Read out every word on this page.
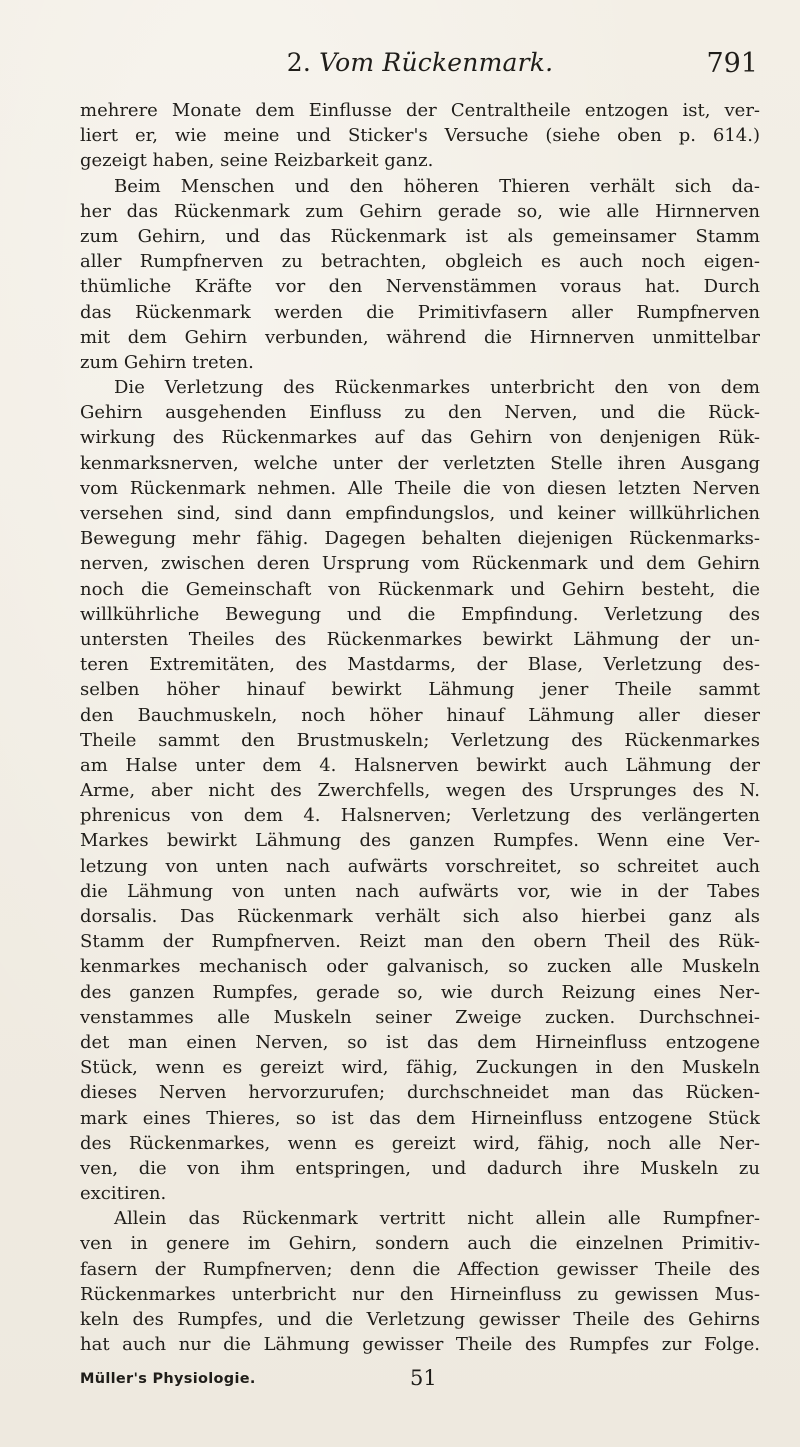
2. Vom Rückenmark.	791
mehrere Monate dem Einflusse der Centraltheile entzogen ist, ver-
liert er, wie meine und Sticker's Versuche (siehe oben p. 614.)
gezeigt haben, seine Reizbarkeit ganz.
Beim Menschen und den höheren Thieren verhält sich da-
her das Rückenmark zum Gehirn gerade so, wie alle Hirnnerven
zum Gehirn, und das Rückenmark ist als gemeinsamer Stamm
aller Rumpfnerven zu betrachten, obgleich es auch noch eigen-
thümliche Kräfte vor den Nervenstämmen voraus hat. Durch
das Rückenmark werden die Primitivfasern aller Rumpfnerven
mit dem Gehirn verbunden, während die Hirnnerven unmittelbar
zum Gehirn treten.
Die Verletzung des Rückenmarkes unterbricht den von dem
Gehirn ausgehenden Einfluss zu den Nerven, und die Rück-
wirkung des Rückenmarkes auf das Gehirn von denjenigen Rük-
kenmarksnerven, welche unter der verletzten Stelle ihren Ausgang
vom Rückenmark nehmen. Alle Theile die von diesen letzten Nerven
versehen sind, sind dann empfindungslos, und keiner willkührlichen
Bewegung mehr fähig. Dagegen behalten diejenigen Rückenmarks-
nerven, zwischen deren Ursprung vom Rückenmark und dem Gehirn
noch die Gemeinschaft von Rückenmark und Gehirn besteht, die
willkührliche Bewegung und die Empfindung. Verletzung des
untersten Theiles des Rückenmarkes bewirkt Lähmung der un-
teren Extremitäten, des Mastdarms, der Blase, Verletzung des-
selben höher hinauf bewirkt Lähmung jener Theile sammt
den Bauchmuskeln, noch höher hinauf Lähmung aller dieser
Theile sammt den Brustmuskeln; Verletzung des Rückenmarkes
am Halse unter dem 4. Halsnerven bewirkt auch Lähmung der
Arme, aber nicht des Zwerchfells, wegen des Ursprunges des N.
phrenicus von dem 4. Halsnerven; Verletzung des verlängerten
Markes bewirkt Lähmung des ganzen Rumpfes. Wenn eine Ver-
letzung von unten nach aufwärts vorschreitet, so schreitet auch
die Lähmung von unten nach aufwärts vor, wie in der Tabes
dorsalis. Das Rückenmark verhält sich also hierbei ganz als
Stamm der Rumpfnerven. Reizt man den obern Theil des Rük-
kenmarkes mechanisch oder galvanisch, so zucken alle Muskeln
des ganzen Rumpfes, gerade so, wie durch Reizung eines Ner-
venstammes alle Muskeln seiner Zweige zucken. Durchschnei-
det man einen Nerven, so ist das dem Hirneinfluss entzogene
Stück, wenn es gereizt wird, fähig, Zuckungen in den Muskeln
dieses Nerven hervorzurufen; durchschneidet man das Rücken-
mark eines Thieres, so ist das dem Hirneinfluss entzogene Stück
des Rückenmarkes, wenn es gereizt wird, fähig, noch alle Ner-
ven, die von ihm entspringen, und dadurch ihre Muskeln zu
excitiren.
Allein das Rückenmark vertritt nicht allein alle Rumpfner-
ven in genere im Gehirn, sondern auch die einzelnen Primitiv-
fasern der Rumpfnerven; denn die Affection gewisser Theile des
Rückenmarkes unterbricht nur den Hirneinfluss zu gewissen Mus-
keln des Rumpfes, und die Verletzung gewisser Theile des Gehirns
hat auch nur die Lähmung gewisser Theile des Rumpfes zur Folge.
Müller's Physiologie.	51
